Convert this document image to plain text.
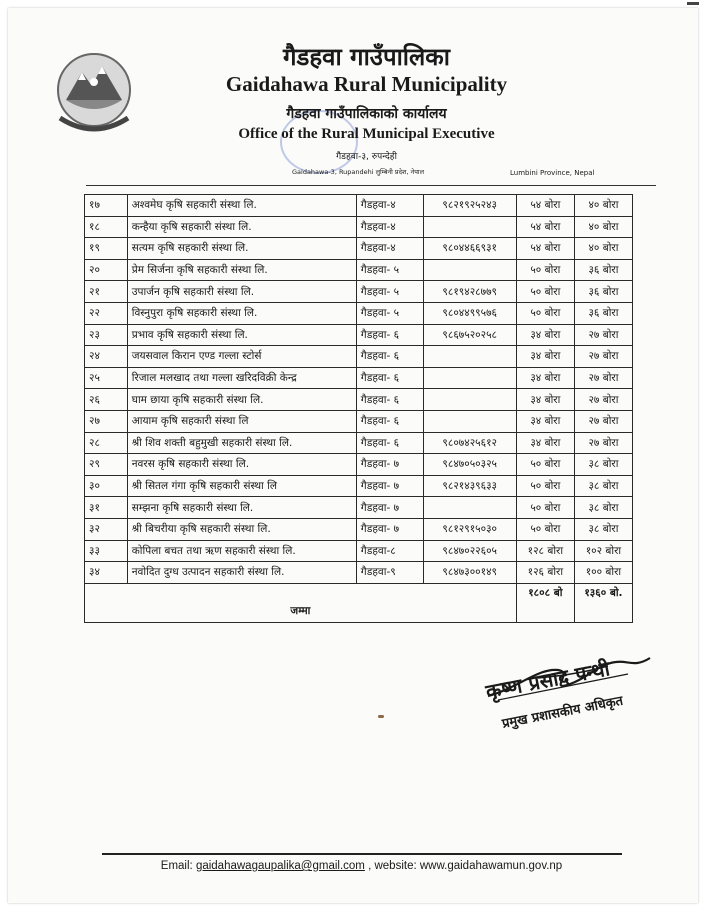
गैडहवा गाउँपालिका
Gaidahawa Rural Municipality
गैडहवा गाउँपालिकाको कार्यालय
Office of the Rural Municipal Executive
गैडहवा-३, रुपन्देही
Gaidahawa-3, Rupandehi लुम्बिनी प्रदेश, नेपाल	Lumbini Province, Nepal
१७	अश्वमेघ कृषि सहकारी संस्था लि.	गैडहवा-४	९८२१९२५२४३	५४ बोरा	४० बोरा
१८	कन्हैया कृषि सहकारी संस्था लि.	गैडहवा-४		५४ बोरा	४० बोरा
१९	सत्यम कृषि सहकारी संस्था लि.	गैडहवा-४	९८०४४६६९३१	५४ बोरा	४० बोरा
२०	प्रेम सिर्जना कृषि सहकारी संस्था लि.	गैडहवा- ५		५० बोरा	३६ बोरा
२१	उपार्जन कृषि सहकारी संस्था लि.	गैडहवा- ५	९८१९४२८७७९	५० बोरा	३६ बोरा
२२	विस्नुपुरा कृषि सहकारी संस्था लि.	गैडहवा- ५	९८०४४९९५७६	५० बोरा	३६ बोरा
२३	प्रभाव कृषि सहकारी संस्था लि.	गैडहवा- ६	९८६७५२०२५८	३४ बोरा	२७ बोरा
२४	जयसवाल किरान एण्ड गल्ला स्टोर्स	गैडहवा- ६		३४ बोरा	२७ बोरा
२५	रिजाल मलखाद तथा गल्ला खरिदविक्री केन्द्र	गैडहवा- ६		३४ बोरा	२७ बोरा
२६	घाम छाया कृषि सहकारी संस्था लि.	गैडहवा- ६		३४ बोरा	२७ बोरा
२७	आयाम कृषि सहकारी संस्था लि	गैडहवा- ६		३४ बोरा	२७ बोरा
२८	श्री शिव शक्ती बहुमुखी सहकारी संस्था लि.	गैडहवा- ६	९८०७४२५६१२	३४ बोरा	२७ बोरा
२९	नवरस कृषि सहकारी संस्था लि.	गैडहवा- ७	९८४७०५०३२५	५० बोरा	३८ बोरा
३०	श्री सितल गंगा कृषि सहकारी संस्था लि	गैडहवा- ७	९८२१४३९६३३	५० बोरा	३८ बोरा
३१	सम्झना कृषि सहकारी संस्था लि.	गैडहवा- ७		५० बोरा	३८ बोरा
३२	श्री बिचरीया कृषि सहकारी संस्था लि.	गैडहवा- ७	९८१२९१५०३०	५० बोरा	३८ बोरा
३३	कोपिला बचत तथा ऋण सहकारी संस्था लि.	गैडहवा-८	९८४७०२२६०५	१२८ बोरा	१०२ बोरा
३४	नवोदित दुग्ध उत्पादन सहकारी संस्था लि.	गैडहवा-९	९८४७३००१४९	१२६ बोरा	१०० बोरा
जम्मा				१८०८ बो	१३६० बो.
कृष्ण प्रसाद पन्थी
प्रमुख प्रशासकीय अधिकृत
Email: gaidahawagaupalika@gmail.com , website: www.gaidahawamun.gov.np
